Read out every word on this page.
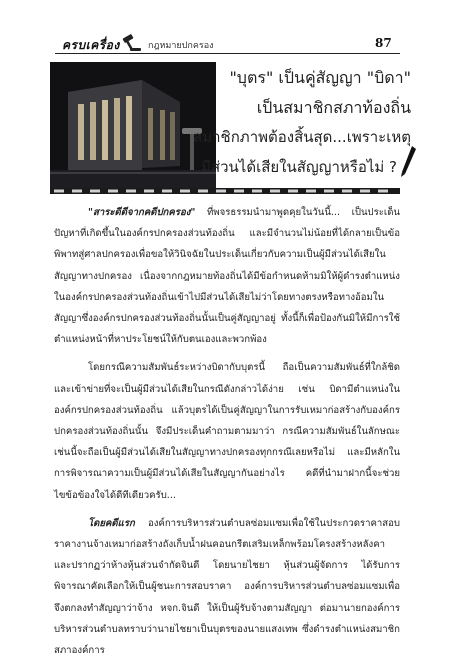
ครบเครื่อง	กฎหมายปกครอง	87
"บุตร" เป็นคู่สัญญา "บิดา"
เป็นสมาชิกสภาท้องถิ่น
สมาชิกภาพต้องสิ้นสุด...เพราะเหตุ
มีส่วนได้เสียในสัญญาหรือไม่ ?

"สาระดีดีจากคดีปกครอง" ที่พจรธรรมนำมาพูดคุยในวันนี้... เป็นประเด็นปัญหาที่เกิดขึ้นในองค์กรปกครองส่วนท้องถิ่น และมีจำนวนไม่น้อยที่ได้กลายเป็นข้อพิพาทสู่ศาลปกครองเพื่อขอให้วินิจฉัยในประเด็นเกี่ยวกับความเป็นผู้มีส่วนได้เสียในสัญญาทางปกครอง เนื่องจากกฎหมายท้องถิ่นได้มีข้อกำหนดห้ามมิให้ผู้ดำรงตำแหน่งในองค์กรปกครองส่วนท้องถิ่นเข้าไปมีส่วนได้เสียไม่ว่าโดยทางตรงหรือทางอ้อมในสัญญาซึ่งองค์กรปกครองส่วนท้องถิ่นนั้นเป็นคู่สัญญาอยู่ ทั้งนี้ก็เพื่อป้องกันมิให้มีการใช้ตำแหน่งหน้าที่หาประโยชน์ให้กับตนเองและพวกพ้อง

โดยกรณีความสัมพันธ์ระหว่างบิดากับบุตรนี้ ถือเป็นความสัมพันธ์ที่ใกล้ชิดและเข้าข่ายที่จะเป็นผู้มีส่วนได้เสียในกรณีดังกล่าวได้ง่าย เช่น บิดามีตำแหน่งในองค์กรปกครองส่วนท้องถิ่น แล้วบุตรได้เป็นคู่สัญญาในการรับเหมาก่อสร้างกับองค์กรปกครองส่วนท้องถิ่นนั้น จึงมีประเด็นคำถามตามมาว่า กรณีความสัมพันธ์ในลักษณะเช่นนี้จะถือเป็นผู้มีส่วนได้เสียในสัญญาทางปกครองทุกกรณีเลยหรือไม่ และมีหลักในการพิจารณาความเป็นผู้มีส่วนได้เสียในสัญญากันอย่างไร คดีที่นำมาฝากนี้จะช่วยไขข้อข้องใจได้ดีทีเดียวครับ...

โดยคดีแรก องค์การบริหารส่วนตำบลซ่อมแซมเพื่อใช้ในประกวดราคาสอบราคางานจ้างเหมาก่อสร้างถังเก็บน้ำฝนคอนกรีตเสริมเหล็กพร้อมโครงสร้างหลังคา และปรากฏว่าห้างหุ้นส่วนจำกัดจินดี โดยนายไชยา หุ้นส่วนผู้จัดการ ได้รับการพิจารณาคัดเลือกให้เป็นผู้ชนะการสอบราคา องค์การบริหารส่วนตำบลซ่อมแซมเพื่อจึงตกลงทำสัญญาว่าจ้าง หจก.จินดี ให้เป็นผู้รับจ้างตามสัญญา ต่อมานายกองค์การบริหารส่วนตำบลทราบว่านายไชยาเป็นบุตรของนายแสงเทพ ซึ่งดำรงตำแหน่งสมาชิกสภาองค์การ
